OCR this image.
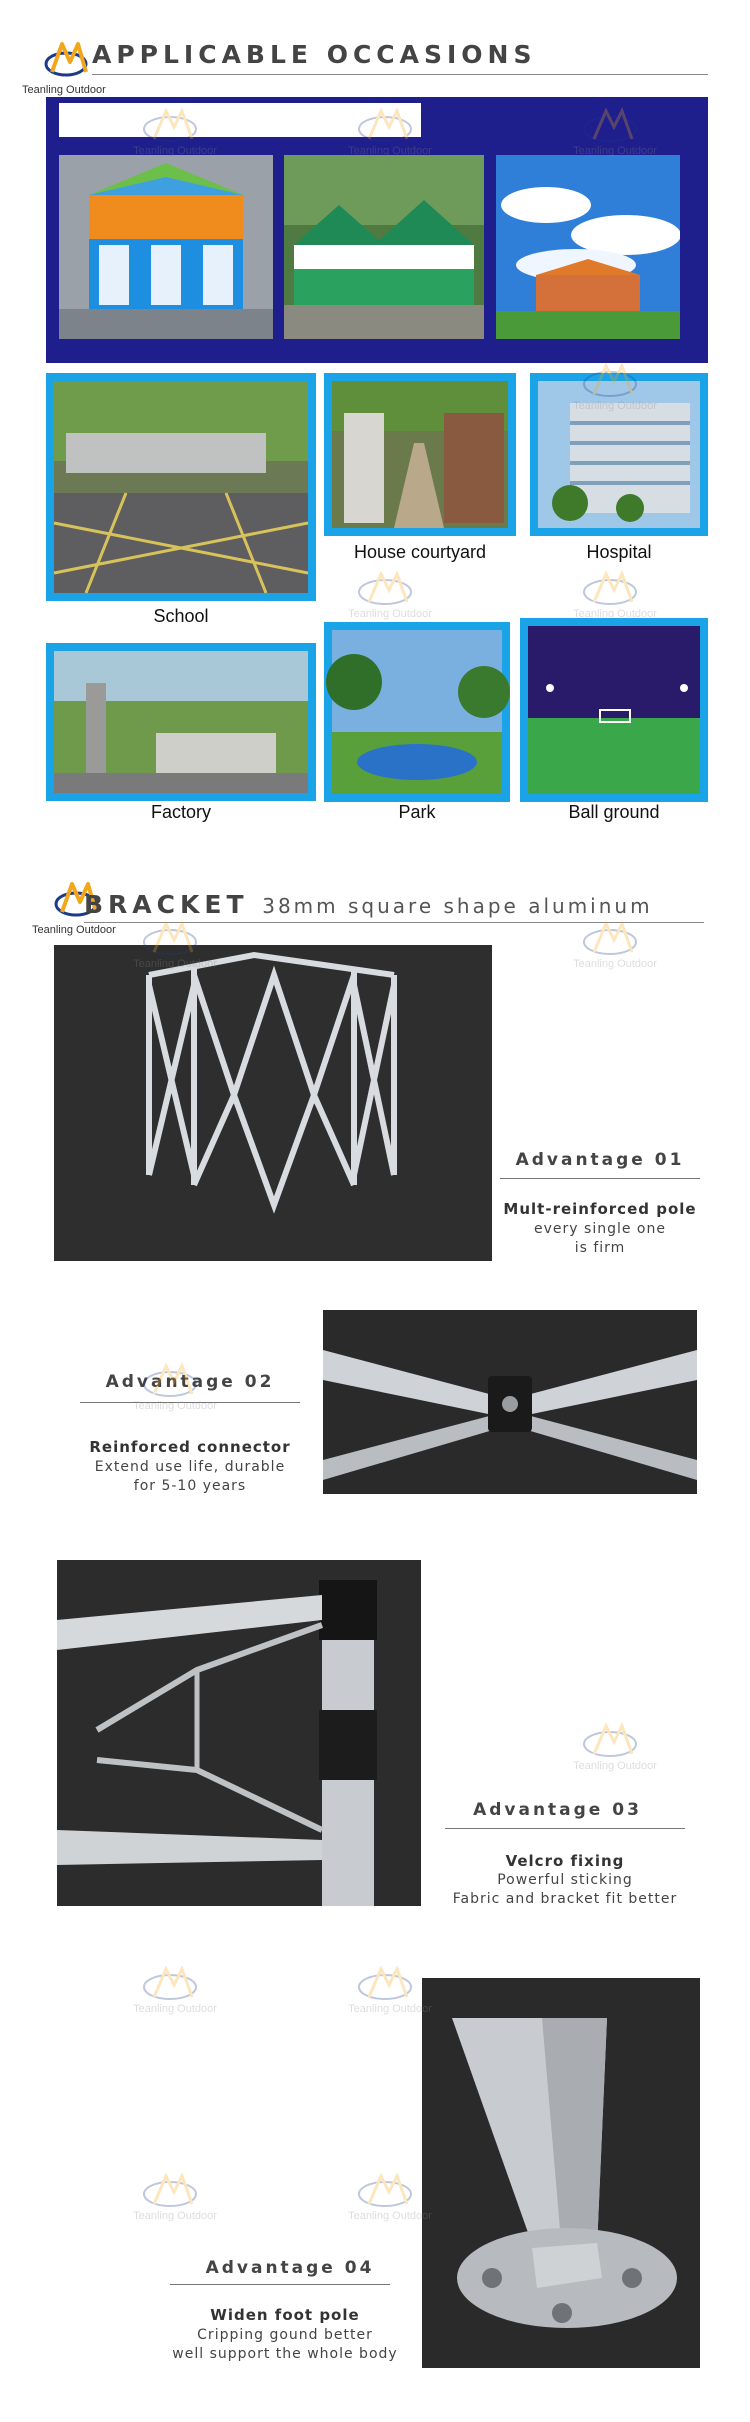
Teanling Outdoor
APPLICABLE OCCASIONS
House courtyard	Hospital
School
Factory	Park	Ball ground
Teanling Outdoor
BRACKET 38mm square shape aluminum
Advantage 01
Mult-reinforced pole
every single one
is firm
Advantage 02
Reinforced connector
Extend use life, durable
for 5-10 years
Advantage 03
Velcro fixing
Powerful sticking
Fabric and bracket fit better
Advantage 04
Widen foot pole
Cripping gound better
well support the whole body
Teanling Outdoor	Teanling Outdoor	Teanling Outdoor
Teanling Outdoor
Teanling Outdoor	Teanling Outdoor
Teanling Outdoor	Teanling Outdoor
Teanling Outdoor
Teanling Outdoor
Teanling Outdoor	Teanling Outdoor
Teanling Outdoor	Teanling Outdoor
